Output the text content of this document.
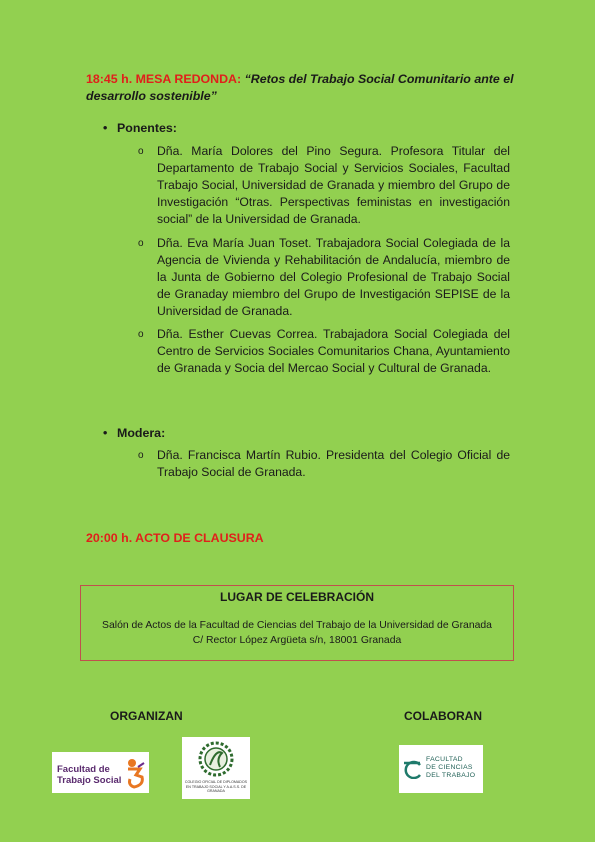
18:45 h. MESA REDONDA: “Retos del Trabajo Social Comunitario ante el desarrollo sostenible”
• Ponentes:
o Dña. María Dolores del Pino Segura. Profesora Titular del Departamento de Trabajo Social y Servicios Sociales, Facultad Trabajo Social, Universidad de Granada y miembro del Grupo de Investigación “Otras. Perspectivas feministas en investigación social” de la Universidad de Granada.
o Dña. Eva María Juan Toset. Trabajadora Social Colegiada de la Agencia de Vivienda y Rehabilitación de Andalucía, miembro de la Junta de Gobierno del Colegio Profesional de Trabajo Social de Granaday miembro del Grupo de Investigación SEPISE de la Universidad de Granada.
o Dña. Esther Cuevas Correa. Trabajadora Social Colegiada del Centro de Servicios Sociales Comunitarios Chana, Ayuntamiento de Granada y Socia del Mercao Social y Cultural de Granada.
• Modera:
o Dña. Francisca Martín Rubio. Presidenta del Colegio Oficial de Trabajo Social de Granada.
20:00 h. ACTO DE CLAUSURA
LUGAR DE CELEBRACIÓN
Salón de Actos de la Facultad de Ciencias del Trabajo de la Universidad de Granada
C/ Rector López Argüeta s/n, 18001 Granada
ORGANIZAN	COLABORAN
Facultad de
Trabajo Social	COLEGIO OFICIAL DE DIPLOMADOS EN TRABAJO SOCIAL Y A.A.S.S. DE
GRANADA
FACULTAD
DE CIENCIAS
DEL TRABAJO
